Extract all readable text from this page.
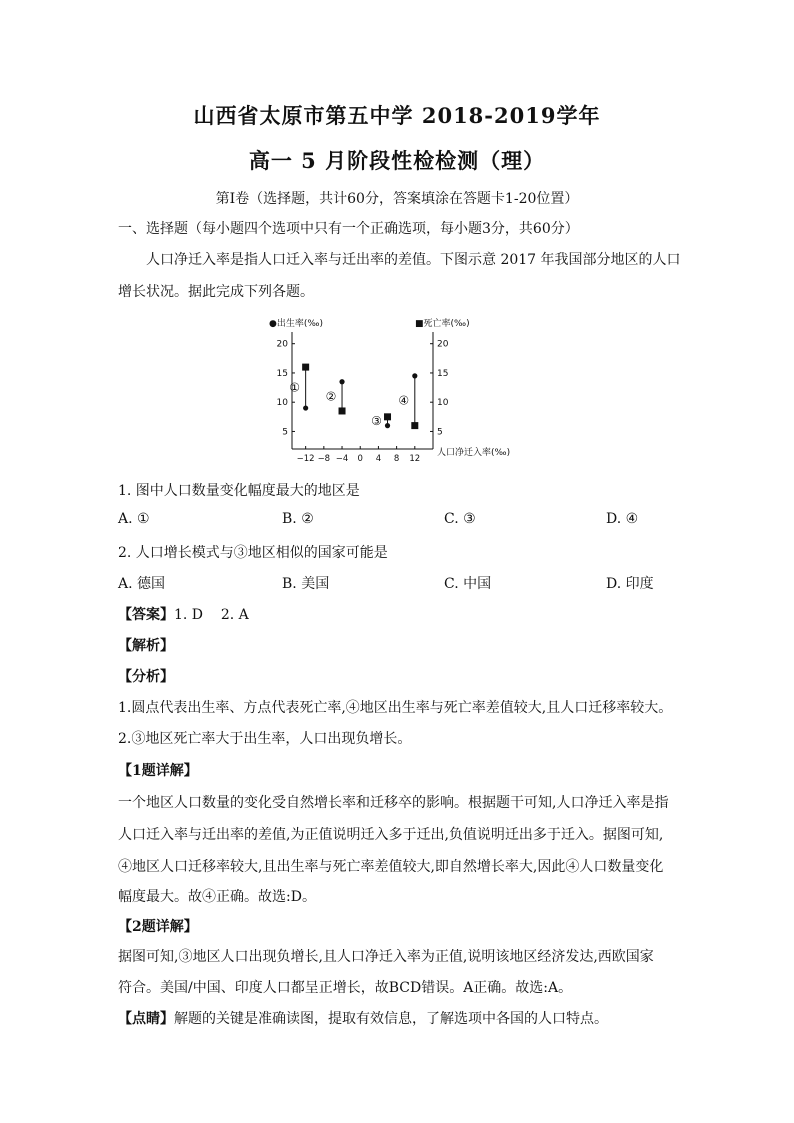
山西省太原市第五中学 2018-2019学年
高一 5 月阶段性检检测（理）
第I卷（选择题，共计60分，答案填涂在答题卡1-20位置）
一、选择题（每小题四个选项中只有一个正确选项，每小题3分，共60分）
人口净迁入率是指人口迁入率与迁出率的差值。下图示意 2017 年我国部分地区的人口
增长状况。据此完成下列各题。
●出生率(‰)	■死亡率(‰)
人口净迁入率(‰)
5	5
10	10
15	15
20	20
−12 −8 −4 0 4 8 12
①
②
③
④
1. 图中人口数量变化幅度最大的地区是
A. ①	B. ②	C. ③	D. ④
2. 人口增长模式与③地区相似的国家可能是
A. 德国	B. 美国	C. 中国	D. 印度
【答案】1. D    2. A
【解析】
【分析】
1.圆点代表出生率、方点代表死亡率,④地区出生率与死亡率差值较大,且人口迁移率较大。
2.③地区死亡率大于出生率，人口出现负增长。
【1题详解】
一个地区人口数量的变化受自然增长率和迁移卒的影响。根据题干可知,人口净迁入率是指
人口迁入率与迁出率的差值,为正值说明迁入多于迁出,负值说明迁出多于迁入。据图可知,
④地区人口迁移率较大,且出生率与死亡率差值较大,即自然增长率大,因此④人口数量变化
幅度最大。故④正确。故选:D。
【2题详解】
据图可知,③地区人口出现负增长,且人口净迁入率为正值,说明该地区经济发达,西欧国家
符合。美国/中国、印度人口都呈正增长，故BCD错误。A正确。故选:A。
【点睛】解题的关键是准确读图，提取有效信息，了解选项中各国的人口特点。
